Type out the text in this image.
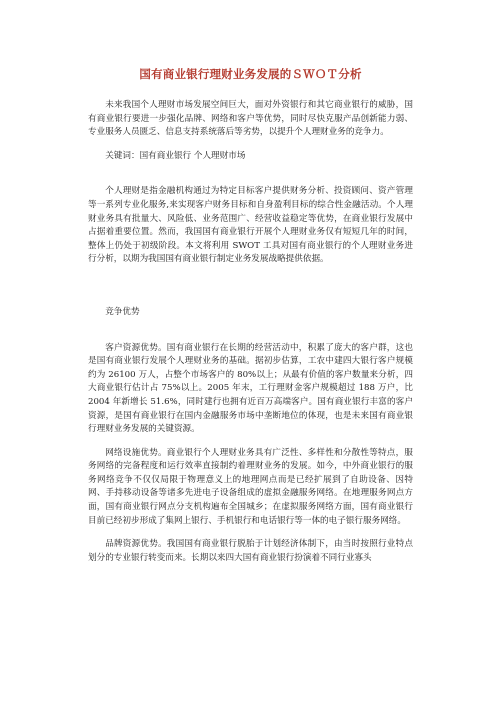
国有商业银行理财业务发展的ＳＷＯＴ分析

未来我国个人理财市场发展空间巨大，面对外资银行和其它商业银行的威胁，国有商业银行要进一步强化品牌、网络和客户等优势，同时尽快克服产品创新能力弱、专业服务人员匮乏、信息支持系统落后等劣势，以提升个人理财业务的竞争力。

关键词：国有商业银行 个人理财市场

个人理财是指金融机构通过为特定目标客户提供财务分析、投资顾问、资产管理等一系列专业化服务,来实现客户财务目标和自身盈利目标的综合性金融活动。个人理财业务具有批量大、风险低、业务范围广、经营收益稳定等优势，在商业银行发展中占据着重要位置。然而，我国国有商业银行开展个人理财业务仅有短短几年的时间，整体上仍处于初级阶段。本文将利用 SWOT 工具对国有商业银行的个人理财业务进行分析，以期为我国国有商业银行制定业务发展战略提供依据。

竞争优势

客户资源优势。国有商业银行在长期的经营活动中，积累了庞大的客户群，这也是国有商业银行发展个人理财业务的基础。据初步估算，工农中建四大银行客户规模约为 26100 万人，占整个市场客户的 80%以上；从最有价值的客户数量来分析，四大商业银行估计占 75%以上。2005 年末，工行理财金客户规模超过 188 万户，比 2004 年新增长 51.6%，同时建行也拥有近百万高端客户。国有商业银行丰富的客户资源，是国有商业银行在国内金融服务市场中垄断地位的体现，也是未来国有商业银行理财业务发展的关键资源。

网络设施优势。商业银行个人理财业务具有广泛性、多样性和分散性等特点，服务网络的完备程度和运行效率直接制约着理财业务的发展。如今，中外商业银行的服务网络竞争不仅仅局限于物理意义上的地理网点而是已经扩展到了自助设备、因特网、手持移动设备等诸多先进电子设备组成的虚拟金融服务网络。在地理服务网点方面，国有商业银行网点分支机构遍布全国城乡；在虚拟服务网络方面，国有商业银行目前已经初步形成了集网上银行、手机银行和电话银行等一体的电子银行服务网络。

品牌资源优势。我国国有商业银行脱胎于计划经济体制下，由当时按照行业特点划分的专业银行转变而来。长期以来四大国有商业银行扮演着不同行业寡头
